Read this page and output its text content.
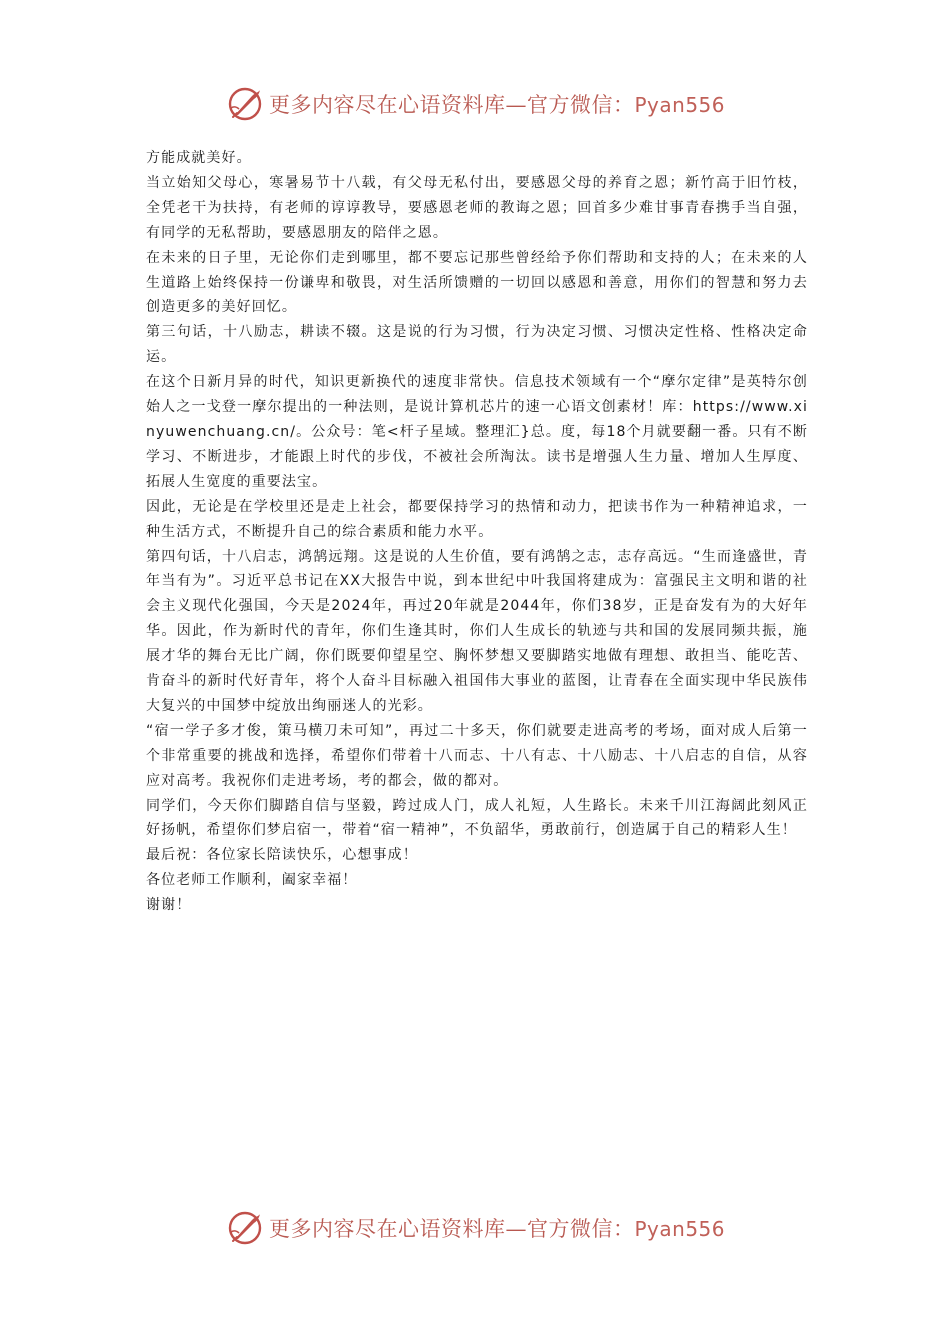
更多内容尽在心语资料库—官方微信：Pyan556

方能成就美好。

当立始知父母心，寒暑易节十八载，有父母无私付出，要感恩父母的养育之恩；新竹高于旧竹枝，全凭老干为扶持，有老师的谆谆教导，要感恩老师的教诲之恩；回首多少难甘事青春携手当自强，有同学的无私帮助，要感恩朋友的陪伴之恩。

在未来的日子里，无论你们走到哪里，都不要忘记那些曾经给予你们帮助和支持的人；在未来的人生道路上始终保持一份谦卑和敬畏，对生活所馈赠的一切回以感恩和善意，用你们的智慧和努力去创造更多的美好回忆。

第三句话，十八励志，耕读不辍。这是说的行为习惯，行为决定习惯、习惯决定性格、性格决定命运。

在这个日新月异的时代，知识更新换代的速度非常快。信息技术领域有一个“摩尔定律”是英特尔创始人之一戈登一摩尔提出的一种法则，是说计算机芯片的速一心语文创素材！库：https://www.xinyuwenchuang.cn/。公众号：笔<杆子星域。整理汇}总。度，每18个月就要翻一番。只有不断学习、不断进步，才能跟上时代的步伐，不被社会所淘汰。读书是增强人生力量、增加人生厚度、拓展人生宽度的重要法宝。

因此，无论是在学校里还是走上社会，都要保持学习的热情和动力，把读书作为一种精神追求，一种生活方式，不断提升自己的综合素质和能力水平。

第四句话，十八启志，鸿鹄远翔。这是说的人生价值，要有鸿鹄之志，志存高远。“生而逢盛世，青年当有为”。习近平总书记在XX大报告中说，到本世纪中叶我国将建成为：富强民主文明和谐的社会主义现代化强国，今天是2024年，再过20年就是2044年，你们38岁，正是奋发有为的大好年华。因此，作为新时代的青年，你们生逢其时，你们人生成长的轨迹与共和国的发展同频共振，施展才华的舞台无比广阔，你们既要仰望星空、胸怀梦想又要脚踏实地做有理想、敢担当、能吃苦、肯奋斗的新时代好青年，将个人奋斗目标融入祖国伟大事业的蓝图，让青春在全面实现中华民族伟大复兴的中国梦中绽放出绚丽迷人的光彩。

“宿一学子多才俊，策马横刀未可知”，再过二十多天，你们就要走进高考的考场，面对成人后第一个非常重要的挑战和选择，希望你们带着十八而志、十八有志、十八励志、十八启志的自信，从容应对高考。我祝你们走进考场，考的都会，做的都对。

同学们，今天你们脚踏自信与坚毅，跨过成人门，成人礼短，人生路长。未来千川江海阔此刻风正好扬帆，希望你们梦启宿一，带着“宿一精神”，不负韶华，勇敢前行，创造属于自己的精彩人生！

最后祝：各位家长陪读快乐，心想事成！

各位老师工作顺利，阖家幸福！

谢谢！

更多内容尽在心语资料库—官方微信：Pyan556
